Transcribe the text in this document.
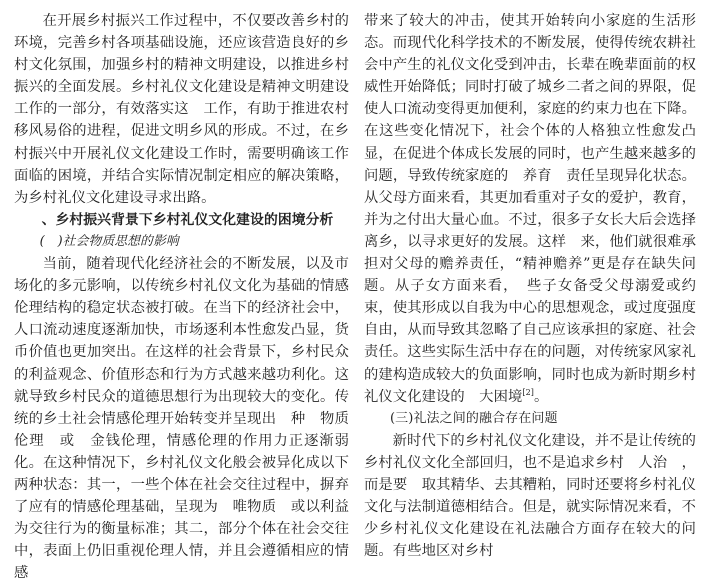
在开展乡村振兴工作过程中，不仅要改善乡村的环境，完善乡村各项基础设施，还应该营造良好的乡村文化氛围，加强乡村的精神文明建设，以推进乡村振兴的全面发展。乡村礼仪文化建设是精神文明建设工作的一部分，有效落实这　工作，有助于推进农村移风易俗的进程，促进文明乡风的形成。不过，在乡村振兴中开展礼仪文化建设工作时，需要明确该工作面临的困境，并结合实际情况制定相应的解决策略，为乡村礼仪文化建设寻求出路。

、乡村振兴背景下乡村礼仪文化建设的困境分析

(　)社会物质思想的影响

当前，随着现代化经济社会的不断发展，以及市场化的多元影响，以传统乡村礼仪文化为基础的情感伦理结构的稳定状态被打破。在当下的经济社会中，人口流动速度逐渐加快，市场逐利本性愈发凸显，货币价值也更加突出。在这样的社会背景下，乡村民众的利益观念、价值形态和行为方式越来越功利化。这就导致乡村民众的道德思想行为出现较大的变化。传统的乡土社会情感伦理开始转变并呈现出　种　物质伦理　或　金钱伦理，情感伦理的作用力正逐渐弱化。在这种情况下，乡村礼仪文化般会被异化成以下两种状态：其一，一些个体在社会交往过程中，摒弃了应有的情感伦理基础，呈现为　唯物质　或以利益为交往行为的衡量标准；其二，部分个体在社会交往中，表面上仍旧重视伦理人情，并且会遵循相应的情感

带来了较大的冲击，使其开始转向小家庭的生活形态。而现代化科学技术的不断发展，使得传统农耕社会中产生的礼仪文化受到冲击，长辈在晚辈面前的权威性开始降低；同时打破了城乡二者之间的界限，促使人口流动变得更加便利，家庭的约束力也在下降。在这些变化情况下，社会个体的人格独立性愈发凸显，在促进个体成长发展的同时，也产生越来越多的问题，导致传统家庭的　养育　责任呈现异化状态。从父母方面来看，其更加看重对子女的爱护，教育，并为之付出大量心血。不过，很多子女长大后会选择离乡，以寻求更好的发展。这样　来，他们就很难承担对父母的赡养责任，“精神赡养”更是存在缺失问题。从子女方面来看，　些子女备受父母溺爱或约束，使其形成以自我为中心的思想观念，或过度强度自由，从而导致其忽略了自己应该承担的家庭、社会责任。这些实际生活中存在的问题，对传统家风家礼的建构造成较大的负面影响，同时也成为新时期乡村礼仪文化建设的　大困境[2]。

(三)礼法之间的融合存在问题

新时代下的乡村礼仪文化建设，并不是让传统的乡村礼仪文化全部回归，也不是追求乡村　人治　，而是要　取其精华、去其糟粕，同时还要将乡村礼仪文化与法制道德相结合。但是，就实际情况来看，不少乡村礼仪文化建设在礼法融合方面存在较大的问题。有些地区对乡村
